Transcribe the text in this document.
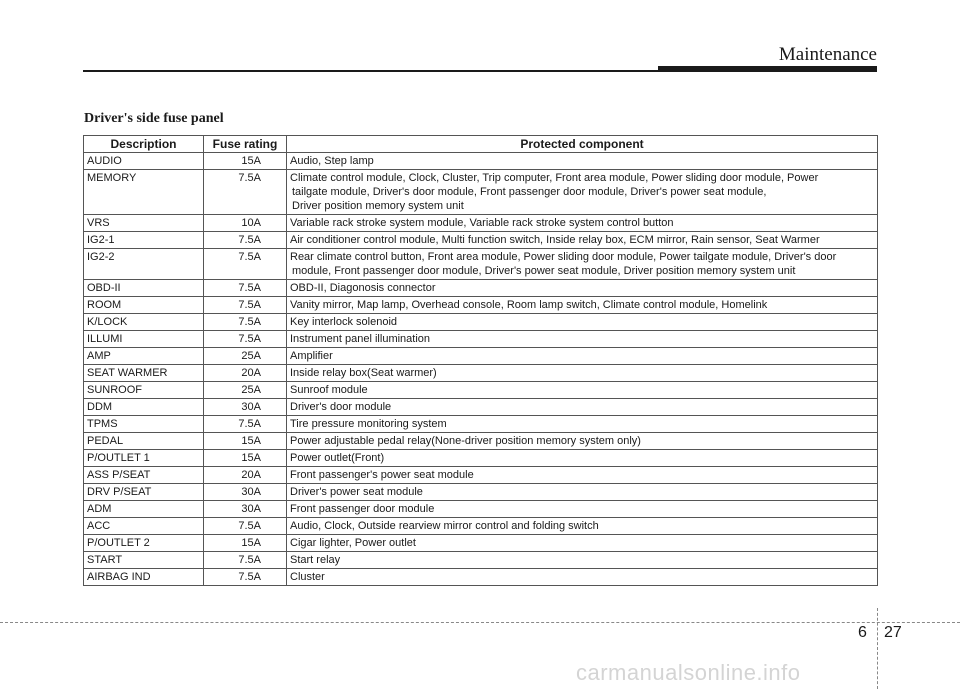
Maintenance
Driver's side fuse panel
Description	Fuse rating	Protected component
AUDIO	15A	Audio, Step lamp

MEMORY	7.5A	Climate control module, Clock, Cluster, Trip computer, Front area module, Power sliding door module, Power
tailgate module, Driver's door module, Front passenger door module, Driver's power seat module,
Driver position memory system unit

VRS	10A	Variable rack stroke system module, Variable rack stroke system control button

IG2-1	7.5A	Air conditioner control module, Multi function switch, Inside relay box, ECM mirror, Rain sensor, Seat Warmer

IG2-2	7.5A	Rear climate control button, Front area module, Power sliding door module, Power tailgate module, Driver's door
module, Front passenger door module, Driver's power seat module, Driver position memory system unit

OBD-II	7.5A	OBD-II, Diagonosis connector

ROOM	7.5A	Vanity mirror, Map lamp, Overhead console, Room lamp switch, Climate control module, Homelink

K/LOCK	7.5A	Key interlock solenoid

ILLUMI	7.5A	Instrument panel illumination

AMP	25A	Amplifier

SEAT WARMER	20A	Inside relay box(Seat warmer)

SUNROOF	25A	Sunroof module

DDM	30A	Driver's door module

TPMS	7.5A	Tire pressure monitoring system

PEDAL	15A	Power adjustable pedal relay(None-driver position memory system only)

P/OUTLET 1	15A	Power outlet(Front)

ASS P/SEAT	20A	Front passenger's power seat module

DRV P/SEAT	30A	Driver's power seat module

ADM	30A	Front passenger door module

ACC	7.5A	Audio, Clock, Outside rearview mirror control and folding switch

P/OUTLET 2	15A	Cigar lighter, Power outlet

START	7.5A	Start relay

AIRBAG IND	7.5A	Cluster
6 27
carmanualsonline.info
